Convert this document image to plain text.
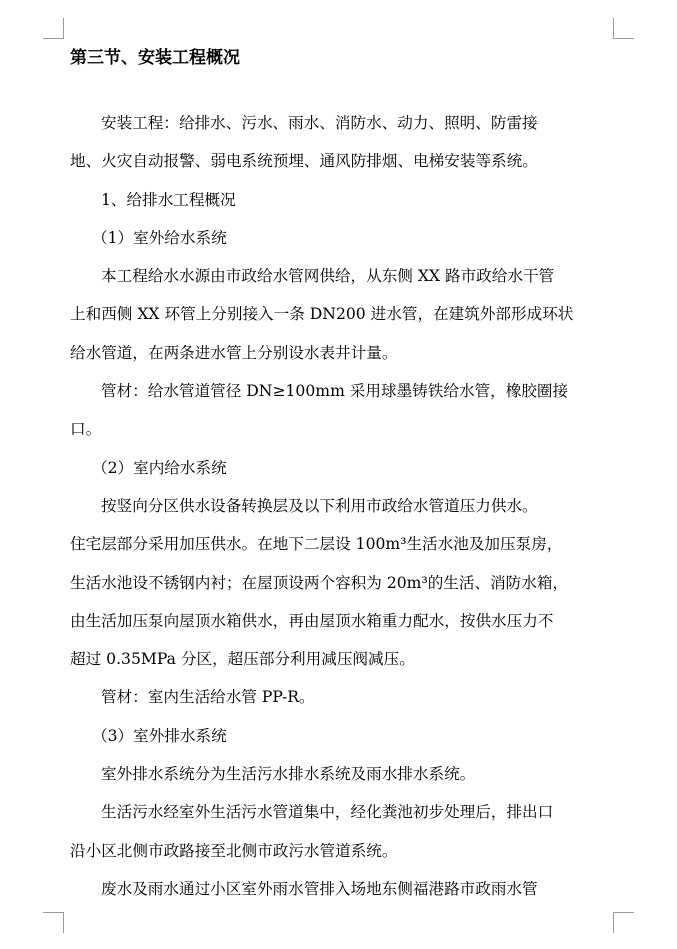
第三节、安装工程概况
安装工程：给排水、污水、雨水、消防水、动力、照明、防雷接
地、火灾自动报警、弱电系统预埋、通风防排烟、电梯安装等系统。
1、给排水工程概况
（1）室外给水系统
本工程给水水源由市政给水管网供给，从东侧 XX 路市政给水干管
上和西侧 XX 环管上分别接入一条 DN200 进水管，在建筑外部形成环状
给水管道，在两条进水管上分别设水表井计量。
管材：给水管道管径 DN≥100mm 采用球墨铸铁给水管，橡胶圈接
口。
（2）室内给水系统
按竖向分区供水设备转换层及以下利用市政给水管道压力供水。
住宅层部分采用加压供水。在地下二层设 100m³生活水池及加压泵房，
生活水池设不锈钢内衬；在屋顶设两个容积为 20m³的生活、消防水箱，
由生活加压泵向屋顶水箱供水，再由屋顶水箱重力配水，按供水压力不
超过 0.35MPa 分区，超压部分利用减压阀减压。
管材：室内生活给水管 PP-R。
（3）室外排水系统
室外排水系统分为生活污水排水系统及雨水排水系统。
生活污水经室外生活污水管道集中，经化粪池初步处理后，排出口
沿小区北侧市政路接至北侧市政污水管道系统。
废水及雨水通过小区室外雨水管排入场地东侧福港路市政雨水管
